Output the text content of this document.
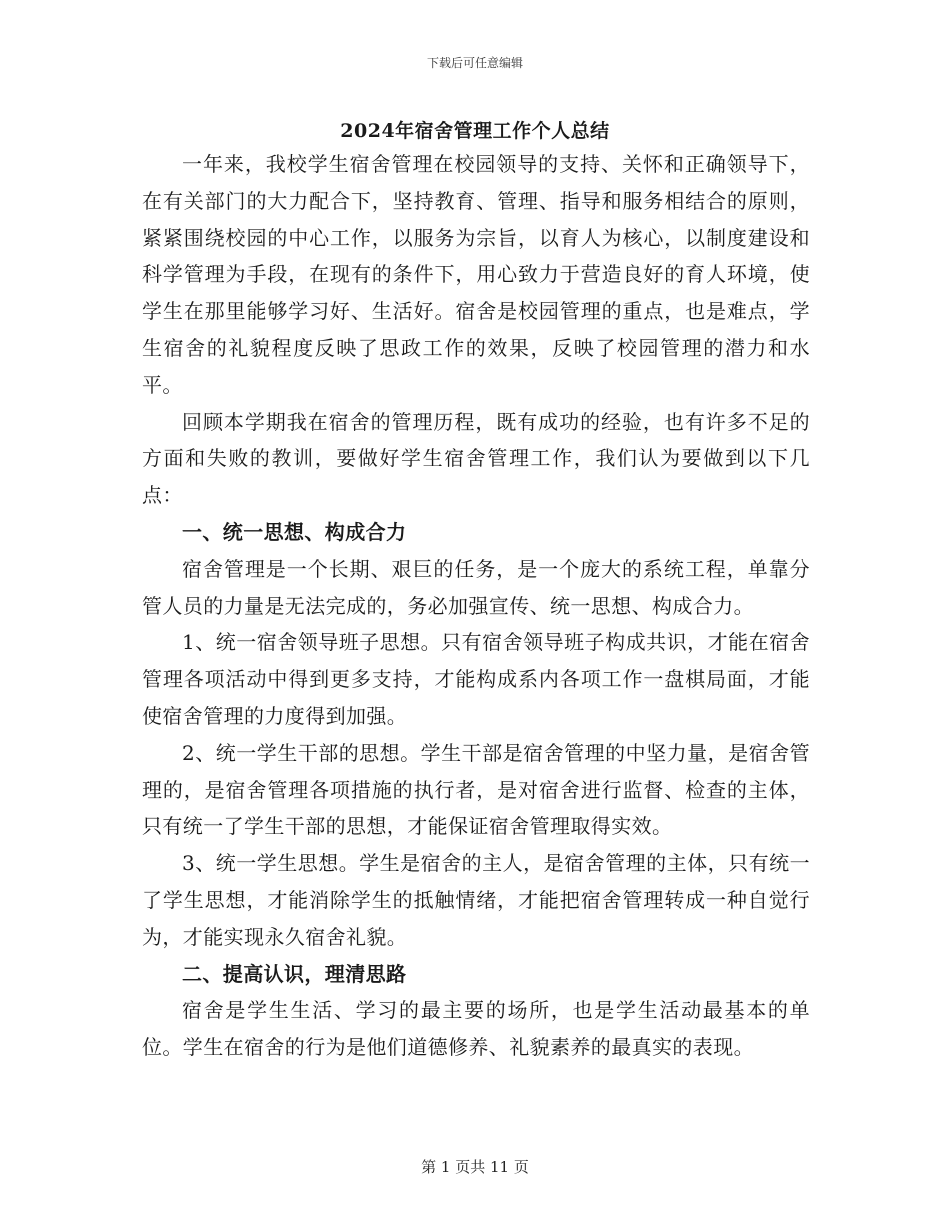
下载后可任意编辑
2024年宿舍管理工作个人总结

一年来，我校学生宿舍管理在校园领导的支持、关怀和正确领导下，在有关部门的大力配合下，坚持教育、管理、指导和服务相结合的原则，紧紧围绕校园的中心工作，以服务为宗旨，以育人为核心，以制度建设和科学管理为手段，在现有的条件下，用心致力于营造良好的育人环境，使学生在那里能够学习好、生活好。宿舍是校园管理的重点，也是难点，学生宿舍的礼貌程度反映了思政工作的效果，反映了校园管理的潜力和水平。

回顾本学期我在宿舍的管理历程，既有成功的经验，也有许多不足的方面和失败的教训，要做好学生宿舍管理工作，我们认为要做到以下几点：

一、统一思想、构成合力

宿舍管理是一个长期、艰巨的任务，是一个庞大的系统工程，单靠分管人员的力量是无法完成的，务必加强宣传、统一思想、构成合力。

1、统一宿舍领导班子思想。只有宿舍领导班子构成共识，才能在宿舍管理各项活动中得到更多支持，才能构成系内各项工作一盘棋局面，才能使宿舍管理的力度得到加强。

2、统一学生干部的思想。学生干部是宿舍管理的中坚力量，是宿舍管理的，是宿舍管理各项措施的执行者，是对宿舍进行监督、检查的主体，只有统一了学生干部的思想，才能保证宿舍管理取得实效。

3、统一学生思想。学生是宿舍的主人，是宿舍管理的主体，只有统一了学生思想，才能消除学生的抵触情绪，才能把宿舍管理转成一种自觉行为，才能实现永久宿舍礼貌。

二、提高认识，理清思路

宿舍是学生生活、学习的最主要的场所，也是学生活动最基本的单位。学生在宿舍的行为是他们道德修养、礼貌素养的最真实的表现。

第 1 页共 11 页
